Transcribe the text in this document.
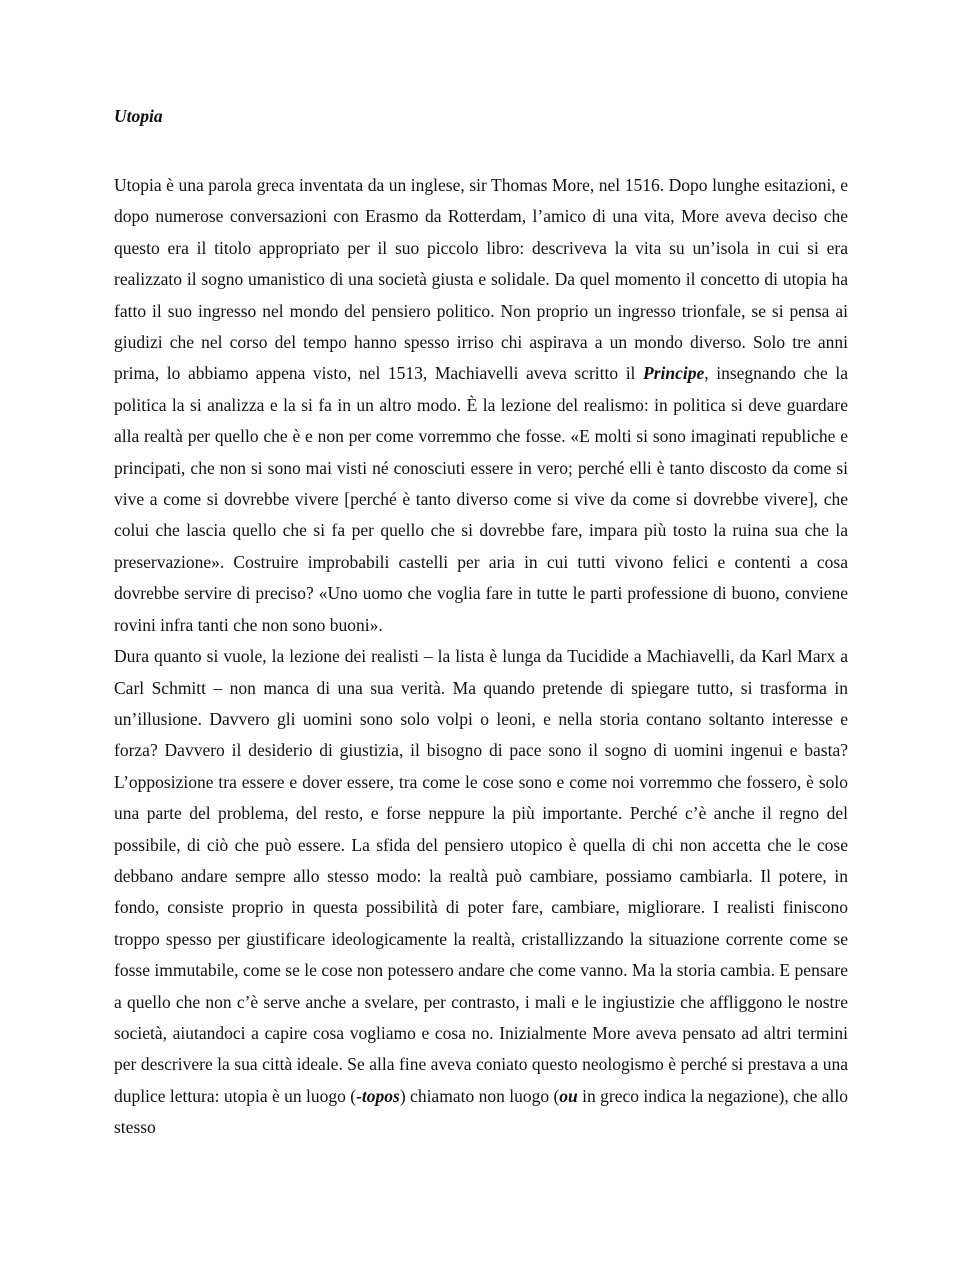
Utopia

Utopia è una parola greca inventata da un inglese, sir Thomas More, nel 1516. Dopo lunghe esitazioni, e dopo numerose conversazioni con Erasmo da Rotterdam, l’amico di una vita, More aveva deciso che questo era il titolo appropriato per il suo piccolo libro: descriveva la vita su un’isola in cui si era realizzato il sogno umanistico di una società giusta e solidale. Da quel momento il concetto di utopia ha fatto il suo ingresso nel mondo del pensiero politico. Non proprio un ingresso trionfale, se si pensa ai giudizi che nel corso del tempo hanno spesso irriso chi aspirava a un mondo diverso. Solo tre anni prima, lo abbiamo appena visto, nel 1513, Machiavelli aveva scritto il Principe, insegnando che la politica la si analizza e la si fa in un altro modo. È la lezione del realismo: in politica si deve guardare alla realtà per quello che è e non per come vorremmo che fosse. «E molti si sono imaginati republiche e principati, che non si sono mai visti né conosciuti essere in vero; perché elli è tanto discosto da come si vive a come si dovrebbe vivere [perché è tanto diverso come si vive da come si dovrebbe vivere], che colui che lascia quello che si fa per quello che si dovrebbe fare, impara più tosto la ruina sua che la preservazione». Costruire improbabili castelli per aria in cui tutti vivono felici e contenti a cosa dovrebbe servire di preciso? «Uno uomo che voglia fare in tutte le parti professione di buono, conviene rovini infra tanti che non sono buoni».

Dura quanto si vuole, la lezione dei realisti – la lista è lunga da Tucidide a Machiavelli, da Karl Marx a Carl Schmitt – non manca di una sua verità. Ma quando pretende di spiegare tutto, si trasforma in un’illusione. Davvero gli uomini sono solo volpi o leoni, e nella storia contano soltanto interesse e forza? Davvero il desiderio di giustizia, il bisogno di pace sono il sogno di uomini ingenui e basta? L’opposizione tra essere e dover essere, tra come le cose sono e come noi vorremmo che fossero, è solo una parte del problema, del resto, e forse neppure la più importante. Perché c’è anche il regno del possibile, di ciò che può essere. La sfida del pensiero utopico è quella di chi non accetta che le cose debbano andare sempre allo stesso modo: la realtà può cambiare, possiamo cambiarla. Il potere, in fondo, consiste proprio in questa possibilità di poter fare, cambiare, migliorare. I realisti finiscono troppo spesso per giustificare ideologicamente la realtà, cristallizzando la situazione corrente come se fosse immutabile, come se le cose non potessero andare che come vanno. Ma la storia cambia. E pensare a quello che non c’è serve anche a svelare, per contrasto, i mali e le ingiustizie che affliggono le nostre società, aiutandoci a capire cosa vogliamo e cosa no. Inizialmente More aveva pensato ad altri termini per descrivere la sua città ideale. Se alla fine aveva coniato questo neologismo è perché si prestava a una duplice lettura: utopia è un luogo (-topos) chiamato non luogo (ou in greco indica la negazione), che allo stesso
